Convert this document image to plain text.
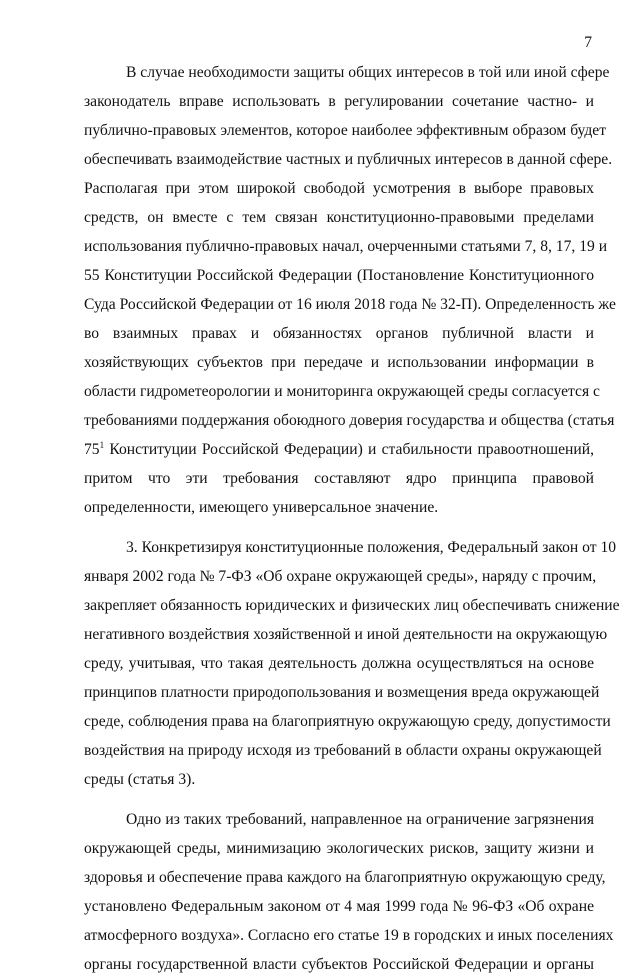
7
В случае необходимости защиты общих интересов в той или иной сфере
законодатель вправе использовать в регулировании сочетание частно- и
публично-правовых элементов, которое наиболее эффективным образом будет
обеспечивать взаимодействие частных и публичных интересов в данной сфере.
Располагая при этом широкой свободой усмотрения в выборе правовых
средств, он вместе с тем связан конституционно-правовыми пределами
использования публично-правовых начал, очерченными статьями 7, 8, 17, 19 и
55 Конституции Российской Федерации (Постановление Конституционного
Суда Российской Федерации от 16 июля 2018 года № 32-П). Определенность же
во взаимных правах и обязанностях органов публичной власти и
хозяйствующих субъектов при передаче и использовании информации в
области гидрометеорологии и мониторинга окружающей среды согласуется с
требованиями поддержания обоюдного доверия государства и общества (статья
$75^1$ Конституции Российской Федерации) и стабильности правоотношений,
притом что эти требования составляют ядро принципа правовой
определенности, имеющего универсальное значение.
3. Конкретизируя конституционные положения, Федеральный закон от 10
января 2002 года № 7-ФЗ «Об охране окружающей среды», наряду с прочим,
закрепляет обязанность юридических и физических лиц обеспечивать снижение
негативного воздействия хозяйственной и иной деятельности на окружающую
среду, учитывая, что такая деятельность должна осуществляться на основе
принципов платности природопользования и возмещения вреда окружающей
среде, соблюдения права на благоприятную окружающую среду, допустимости
воздействия на природу исходя из требований в области охраны окружающей
среды (статья 3).
Одно из таких требований, направленное на ограничение загрязнения
окружающей среды, минимизацию экологических рисков, защиту жизни и
здоровья и обеспечение права каждого на благоприятную окружающую среду,
установлено Федеральным законом от 4 мая 1999 года № 96-ФЗ «Об охране
атмосферного воздуха». Согласно его статье 19 в городских и иных поселениях
органы государственной власти субъектов Российской Федерации и органы
